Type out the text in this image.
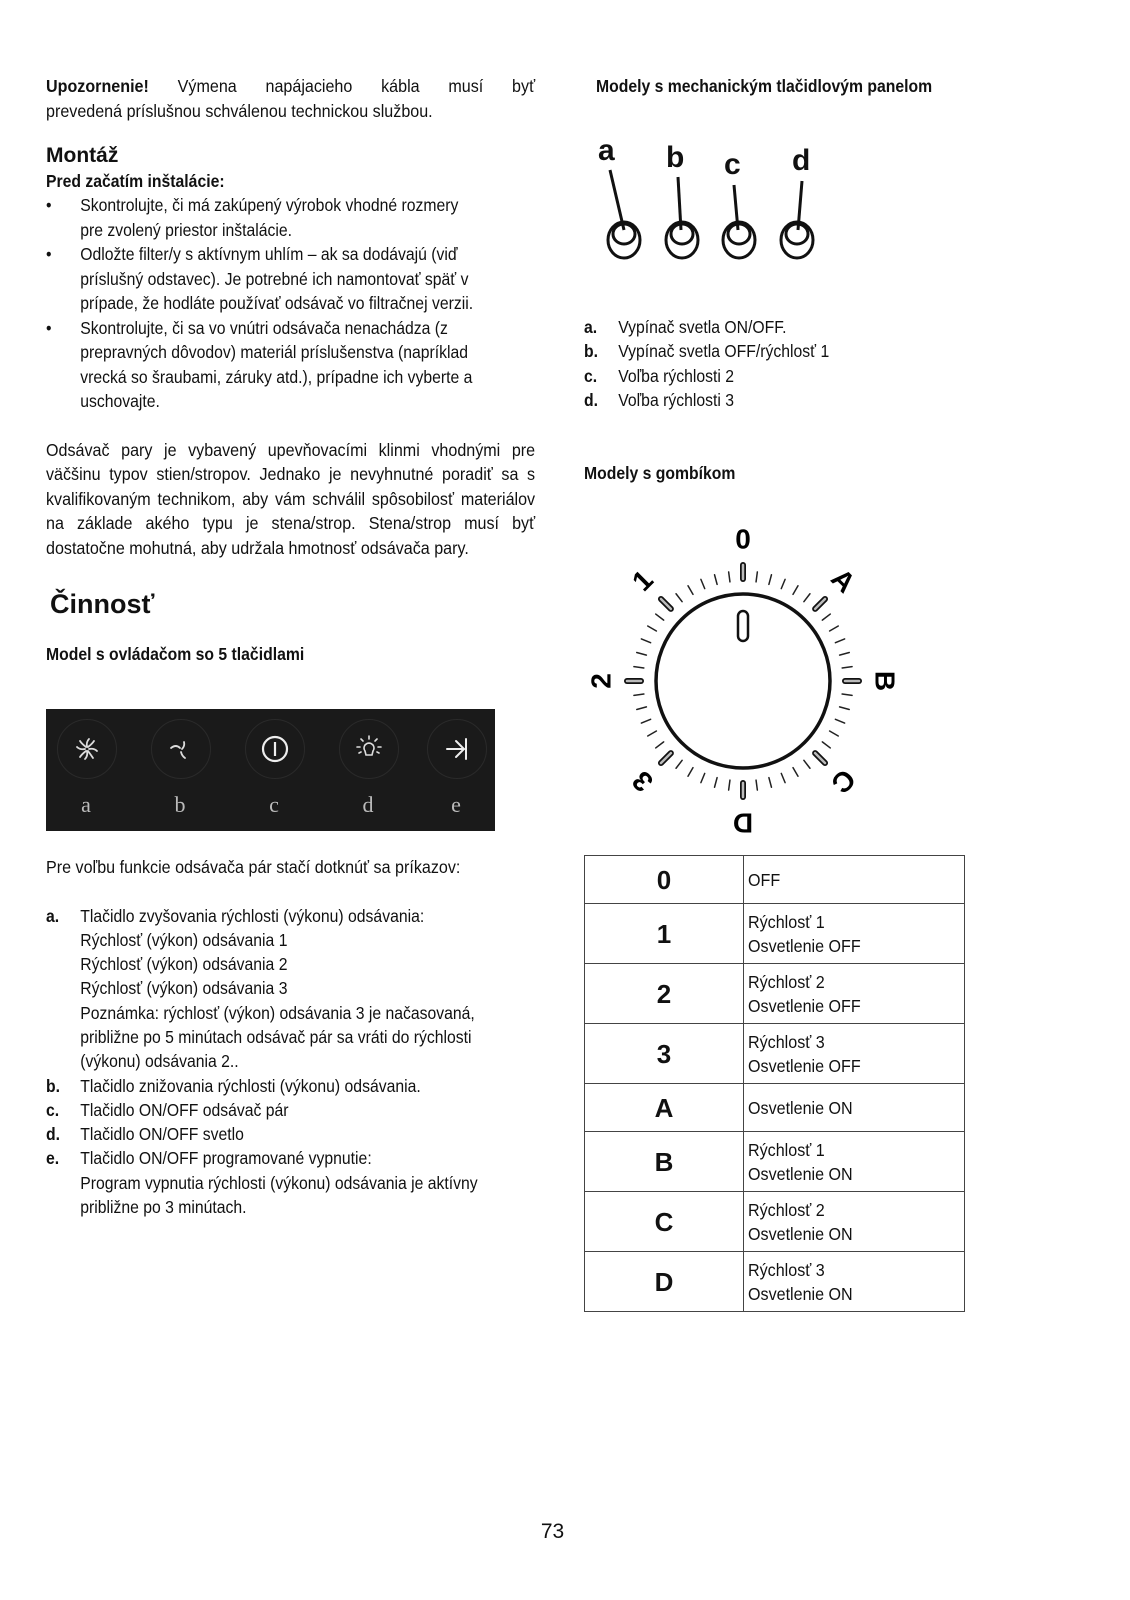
Upozornenie! Výmena napájacieho kábla musí byť

prevedená príslušnou schválenou technickou službou.

Montáž
Pred začatím inštalácie:
• Skontrolujte, či má zakúpený výrobok vhodné rozmery
pre zvolený priestor inštalácie.
• Odložte filter/y s aktívnym uhlím – ak sa dodávajú (viď
príslušný odstavec). Je potrebné ich namontovať späť v
prípade, že hodláte používať odsávač vo filtračnej verzii.
• Skontrolujte, či sa vo vnútri odsávača nenachádza (z
prepravných dôvodov) materiál príslušenstva (napríklad
vrecká so šraubami, záruky atd.), prípadne ich vyberte a
uschovajte.

Odsávač pary je vybavený upevňovacími klinmi vhodnými pre väčšinu typov stien/stropov. Jednako je nevyhnutné poradiť sa s kvalifikovaným technikom, aby vám schválil spôsobilosť materiálov na základe akého typu je stena/strop. Stena/strop musí byť dostatočne mohutná, aby udržala hmotnosť odsávača pary.

Činnosť
Model s ovládačom so 5 tlačidlami
a	b	c	d	e

Pre voľbu funkcie odsávača pár stačí dotknúť sa príkazov:

a. Tlačidlo zvyšovania rýchlosti (výkonu) odsávania:
Rýchlosť (výkon) odsávania 1
Rýchlosť (výkon) odsávania 2
Rýchlosť (výkon) odsávania 3
Poznámka: rýchlosť (výkon) odsávania 3 je načasovaná,
približne po 5 minútach odsávač pár sa vráti do rýchlosti
(výkonu) odsávania 2..
b. Tlačidlo znižovania rýchlosti (výkonu) odsávania.
c. Tlačidlo ON/OFF odsávač pár
d. Tlačidlo ON/OFF svetlo
e. Tlačidlo ON/OFF programované vypnutie:
Program vypnutia rýchlosti (výkonu) odsávania je aktívny
približne po 3 minútach.
Modely s mechanickým tlačidlovým panelom
a b c d
a. Vypínač svetla ON/OFF.
b. Vypínač svetla OFF/rýchlosť 1
c. Voľba rýchlosti 2
d. Voľba rýchlosti 3
Modely s gombíkom
0
A
B
C
D
3
2
1
0	OFF

1	Rýchlosť 1
Osvetlenie OFF

2	Rýchlosť 2
Osvetlenie OFF

3	Rýchlosť 3
Osvetlenie OFF

A	Osvetlenie ON

B	Rýchlosť 1
Osvetlenie ON

C	Rýchlosť 2
Osvetlenie ON

D	Rýchlosť 3
Osvetlenie ON
73
